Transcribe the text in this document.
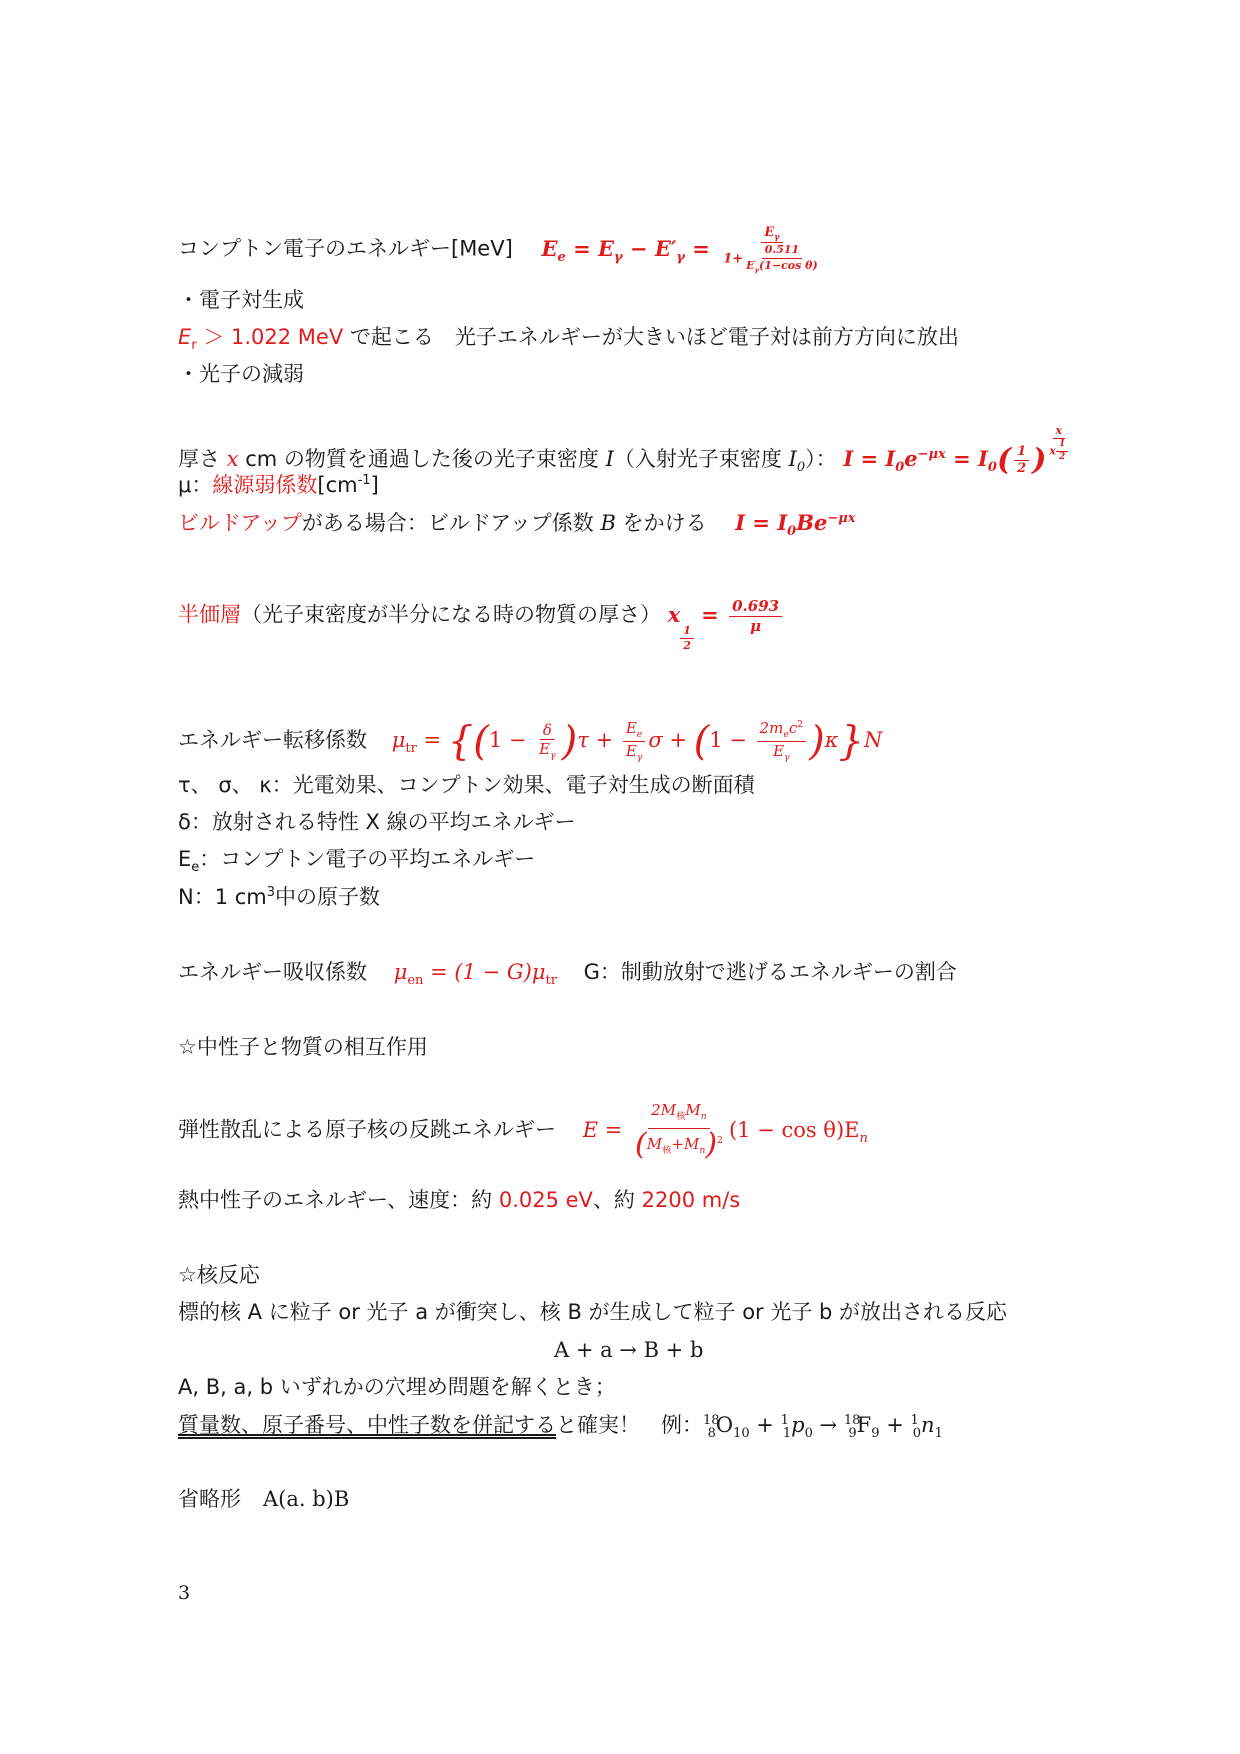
コンプトン電子のエネルギー[MeV] $E_e = E_\gamma - E'_\gamma = \frac{E_\gamma}{1+ \frac{0.511}{E_\gamma(1-\cos \theta)}}$
・電子対生成
$E_r > 1.022$ MeV で起こる　光子エネルギーが大きいほど電子対は前方方向に放出
・光子の減弱
厚さ x cm の物質を通過した後の光子束密度 I（入射光子束密度 $I_0$）： $I = I_0e^{-\mu x} = I_0( \frac{1}{2}$ ) $\frac{x}{x \frac{1}{2}}$
μ：線源弱係数$[cm^{-1}]$
ビルドアップがある場合：ビルドアップ係数 B をかける $I = I_0Be^{-\mu x}$
半価層（光子束密度が半分になる時の物質の厚さ） x
$\frac{1}{2}$
= $\frac{0.693}{\mu}$
エネルギー転移係数 $\mu_{tr} = \{(1 - \frac{\delta}{E_\gamma} )\tau + \frac{E_e}{E_\gamma}$ $\sigma + (1 - \frac{2m_ec^2}{E_\gamma} )\kappa\}N$
τ、 σ、 κ：光電効果、コンプトン効果、電子対生成の断面積
δ：放射される特性 X 線の平均エネルギー
$E_e$：コンプトン電子の平均エネルギー
N：1 $cm^3$中の原子数
エネルギー吸収係数 $\mu_{en} = (1 - G)\mu_{tr}$ G：制動放射で逃げるエネルギーの割合
☆中性子と物質の相互作用
弾性散乱による原子核の反跳エネルギー $E = \frac{2M_核M_n}{(M_核+M_n)^2} (1 - \cos \theta)E_n$
熱中性子のエネルギー、速度：約 0.025 eV、約 2200 m/s
☆核反応
標的核 A に粒子 or 光子 a が衝突し、核 B が生成して粒子 or 光子 b が放出される反応
A + a → B + b
A, B, a, b いずれかの穴埋め問題を解くとき；
質量数、原子番号、中性子数を併記すると確実！　例：$^{18}_8O_{10} + ^1_1p_0 \to ^{18}_9F_9 + ^1_0n_1$
省略形 A(a. b)B
3
